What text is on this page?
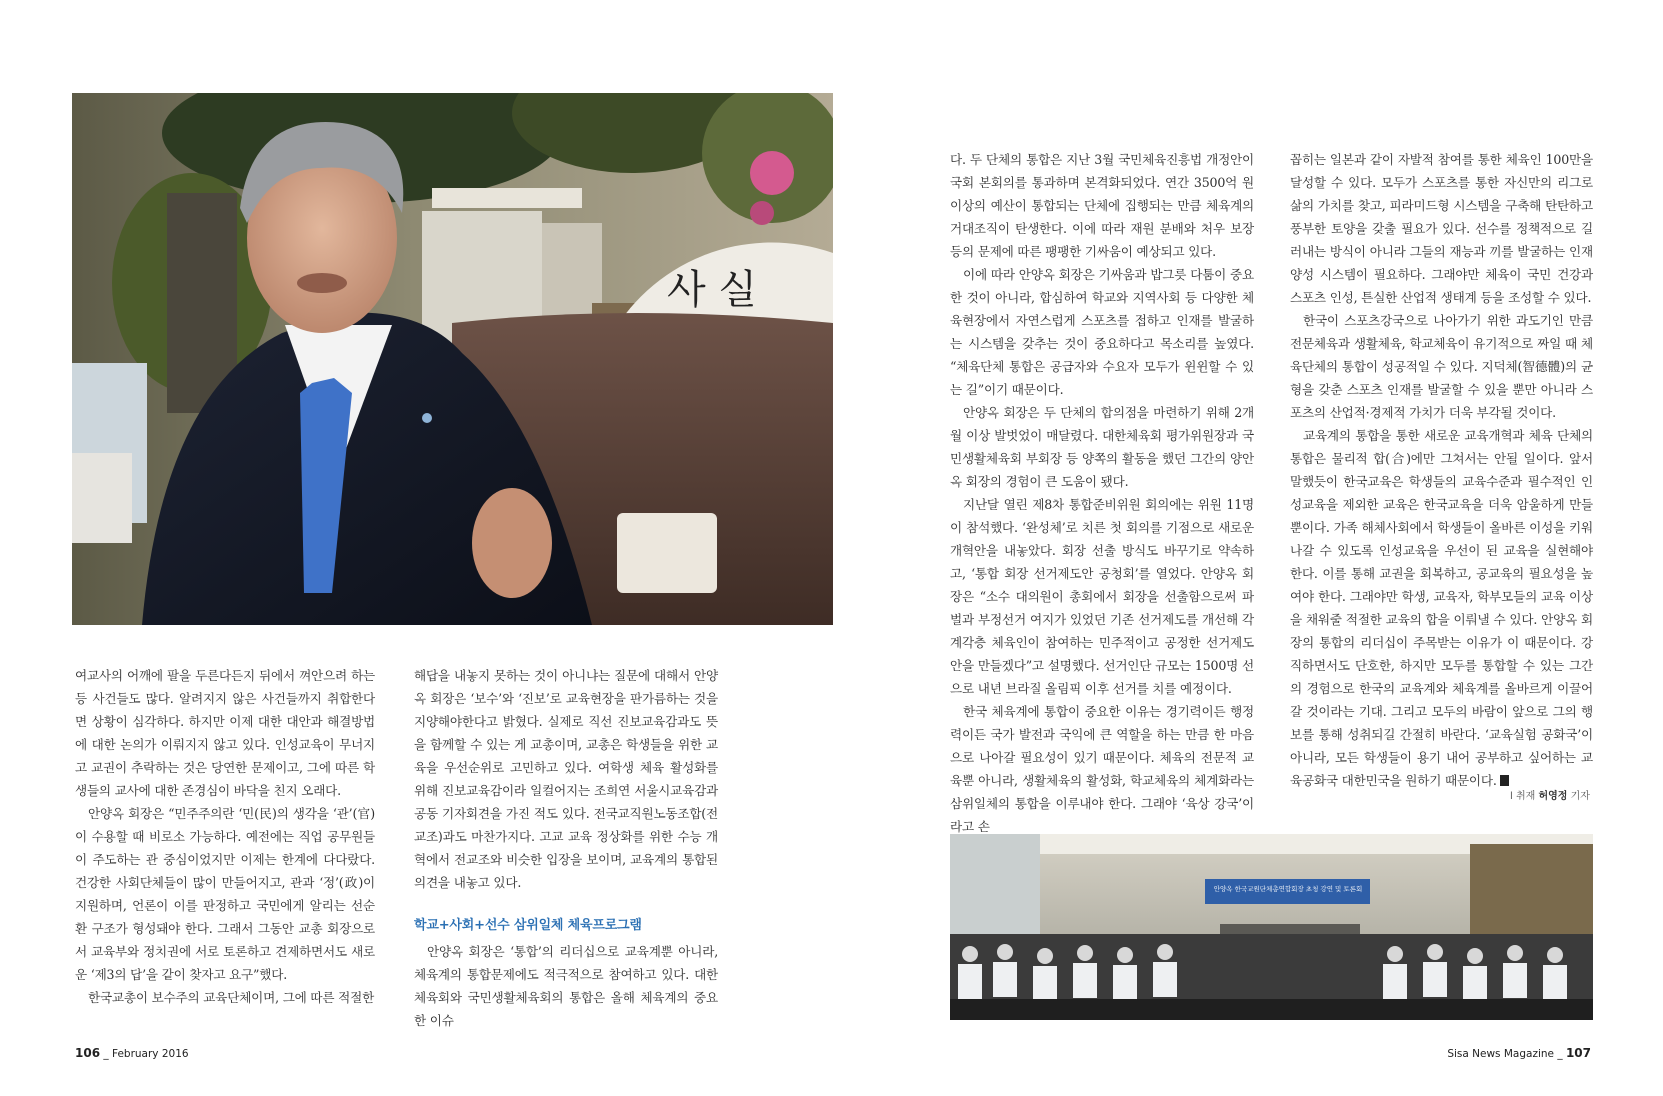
사 실

여교사의 어깨에 팔을 두른다든지 뒤에서 껴안으려 하는 등 사건들도 많다. 알려지지 않은 사건들까지 취합한다면 상황이 심각하다. 하지만 이제 대한 대안과 해결방법에 대한 논의가 이뤄지지 않고 있다. 인성교육이 무너지고 교권이 추락하는 것은 당연한 문제이고, 그에 따른 학생들의 교사에 대한 존경심이 바닥을 친지 오래다.

안양옥 회장은 “민주주의란 ‘민(民)의 생각을 ‘관’(官)이 수용할 때 비로소 가능하다. 예전에는 직업 공무원들이 주도하는 관 중심이었지만 이제는 한계에 다다랐다. 건강한 사회단체들이 많이 만들어지고, 관과 ‘정’(政)이 지원하며, 언론이 이를 판정하고 국민에게 알리는 선순환 구조가 형성돼야 한다. 그래서 그동안 교총 회장으로서 교육부와 정치권에 서로 토론하고 견제하면서도 새로운 ‘제3의 답’을 같이 찾자고 요구”했다.

한국교총이 보수주의 교육단체이며, 그에 따른 적절한

해답을 내놓지 못하는 것이 아니냐는 질문에 대해서 안양옥 회장은 ‘보수’와 ‘진보’로 교육현장을 판가름하는 것을 지양해야한다고 밝혔다. 실제로 직선 진보교육감과도 뜻을 함께할 수 있는 게 교총이며, 교총은 학생들을 위한 교육을 우선순위로 고민하고 있다. 여학생 체육 활성화를 위해 진보교육감이라 일컬어지는 조희연 서울시교육감과 공동 기자회견을 가진 적도 있다. 전국교직원노동조합(전교조)과도 마찬가지다. 고교 교육 정상화를 위한 수능 개혁에서 전교조와 비슷한 입장을 보이며, 교육계의 통합된 의견을 내놓고 있다.

학교+사회+선수 삼위일체 체육프로그램

안양옥 회장은 ‘통합’의 리더십으로 교육계뿐 아니라, 체육계의 통합문제에도 적극적으로 참여하고 있다. 대한체육회와 국민생활체육회의 통합은 올해 체육계의 중요한 이슈

다. 두 단체의 통합은 지난 3월 국민체육진흥법 개정안이 국회 본회의를 통과하며 본격화되었다. 연간 3500억 원 이상의 예산이 통합되는 단체에 집행되는 만큼 체육계의 거대조직이 탄생한다. 이에 따라 재원 분배와 처우 보장 등의 문제에 따른 팽팽한 기싸움이 예상되고 있다.

이에 따라 안양옥 회장은 기싸움과 밥그릇 다툼이 중요한 것이 아니라, 합심하여 학교와 지역사회 등 다양한 체육현장에서 자연스럽게 스포츠를 접하고 인재를 발굴하는 시스템을 갖추는 것이 중요하다고 목소리를 높였다. “체육단체 통합은 공급자와 수요자 모두가 윈윈할 수 있는 길”이기 때문이다.

안양옥 회장은 두 단체의 합의점을 마련하기 위해 2개월 이상 발벗었이 매달렸다. 대한체육회 평가위원장과 국민생활체육회 부회장 등 양쪽의 활동을 했던 그간의 양안옥 회장의 경험이 큰 도움이 됐다.

지난달 열린 제8차 통합준비위원 회의에는 위원 11명이 참석했다. ‘완성체’로 치른 첫 회의를 기점으로 새로운 개혁안을 내놓았다. 회장 선출 방식도 바꾸기로 약속하고, ‘통합 회장 선거제도안 공청회’를 열었다. 안양옥 회장은 “소수 대의원이 총회에서 회장을 선출함으로써 파벌과 부정선거 여지가 있었던 기존 선거제도를 개선해 각계각층 체육인이 참여하는 민주적이고 공정한 선거제도 안을 만들겠다”고 설명했다. 선거인단 규모는 1500명 선으로 내년 브라질 올림픽 이후 선거를 치를 예정이다.

한국 체육계에 통합이 중요한 이유는 경기력이든 행정력이든 국가 발전과 국익에 큰 역할을 하는 만큼 한 마음으로 나아갈 필요성이 있기 때문이다. 체육의 전문적 교육뿐 아니라, 생활체육의 활성화, 학교체육의 체계화라는 삼위일체의 통합을 이루내야 한다. 그래야 ‘육상 강국’이라고 손

꼽히는 일본과 같이 자발적 참여를 통한 체육인 100만을 달성할 수 있다. 모두가 스포츠를 통한 자신만의 리그로 삶의 가치를 찾고, 피라미드형 시스템을 구축해 탄탄하고 풍부한 토양을 갖출 필요가 있다. 선수를 정책적으로 길러내는 방식이 아니라 그들의 재능과 끼를 발굴하는 인재양성 시스템이 필요하다. 그래야만 체육이 국민 건강과 스포츠 인성, 튼실한 산업적 생태계 등을 조성할 수 있다.

한국이 스포츠강국으로 나아가기 위한 과도기인 만큼 전문체육과 생활체육, 학교체육이 유기적으로 짜일 때 체육단체의 통합이 성공적일 수 있다. 지덕체(智德體)의 균형을 갖춘 스포츠 인재를 발굴할 수 있을 뿐만 아니라 스포츠의 산업적·경제적 가치가 더욱 부각될 것이다.

교육계의 통합을 통한 새로운 교육개혁과 체육 단체의 통합은 물리적 합(合)에만 그쳐서는 안될 일이다. 앞서 말했듯이 한국교육은 학생들의 교육수준과 필수적인 인성교육을 제외한 교육은 한국교육을 더욱 암울하게 만들 뿐이다. 가족 해체사회에서 학생들이 올바른 이성을 키워나갈 수 있도록 인성교육을 우선이 된 교육을 실현해야 한다. 이를 통해 교권을 회복하고, 공교육의 필요성을 높여야 한다. 그래야만 학생, 교육자, 학부모들의 교육 이상을 채워줄 적절한 교육의 합을 이뤄낼 수 있다. 안양옥 회장의 통합의 리더십이 주목받는 이유가 이 때문이다. 강직하면서도 단호한, 하지만 모두를 통합할 수 있는 그간의 경험으로 한국의 교육계와 체육계를 올바르게 이끌어 갈 것이라는 기대. 그리고 모두의 바람이 앞으로 그의 행보를 통해 성취되길 간절히 바란다. ‘교육실험 공화국’이 아니라, 모든 학생들이 용기 내어 공부하고 싶어하는 교육공화국 대한민국을 원하기 때문이다.

l 취재 허영정 기자
안양옥 한국교원단체총연합회장 초청 강연 및 토론회
106 _ February 2016	Sisa News Magazine _ 107
